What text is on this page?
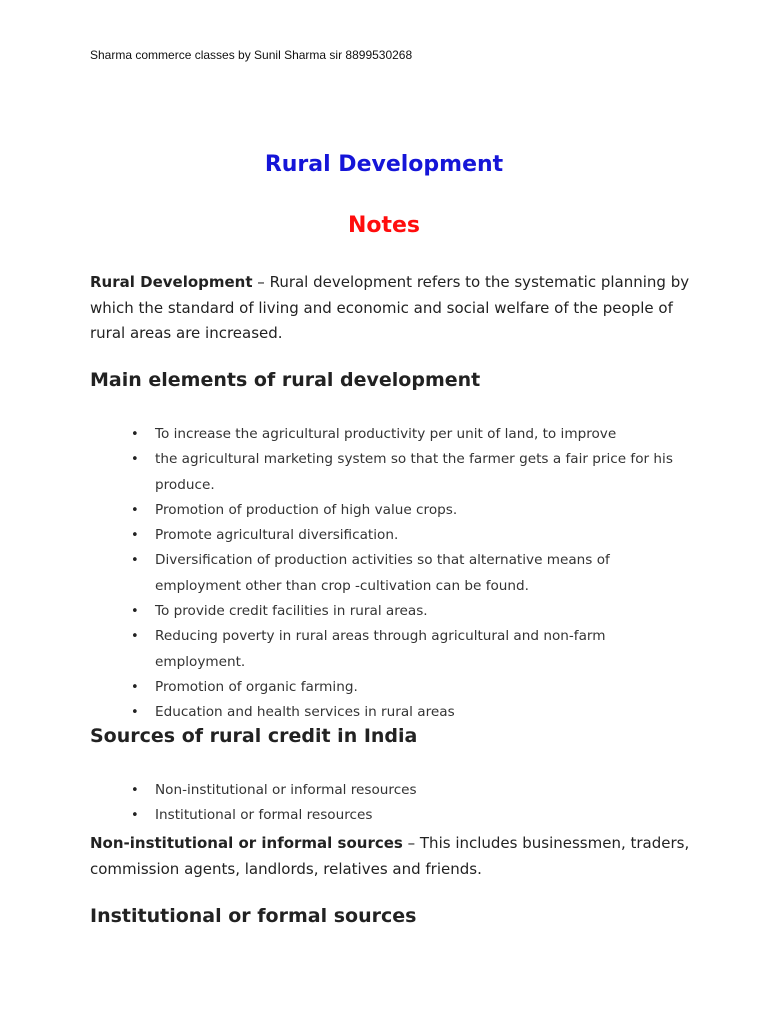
Sharma commerce classes by Sunil Sharma sir 8899530268
Rural Development
Notes

Rural Development – Rural development refers to the systematic planning by which the standard of living and economic and social welfare of the people of rural areas are increased.

Main elements of rural development
• To increase the agricultural productivity per unit of land, to improve
• the agricultural marketing system so that the farmer gets a fair price for his produce.
• Promotion of production of high value crops.
• Promote agricultural diversification.
• Diversification of production activities so that alternative means of employment other than crop -cultivation can be found.
• To provide credit facilities in rural areas.
• Reducing poverty in rural areas through agricultural and non-farm employment.
• Promotion of organic farming.
• Education and health services in rural areas
Sources of rural credit in India
• Non-institutional or informal resources
• Institutional or formal resources

Non-institutional or informal sources – This includes businessmen, traders, commission agents, landlords, relatives and friends.

Institutional or formal sources
